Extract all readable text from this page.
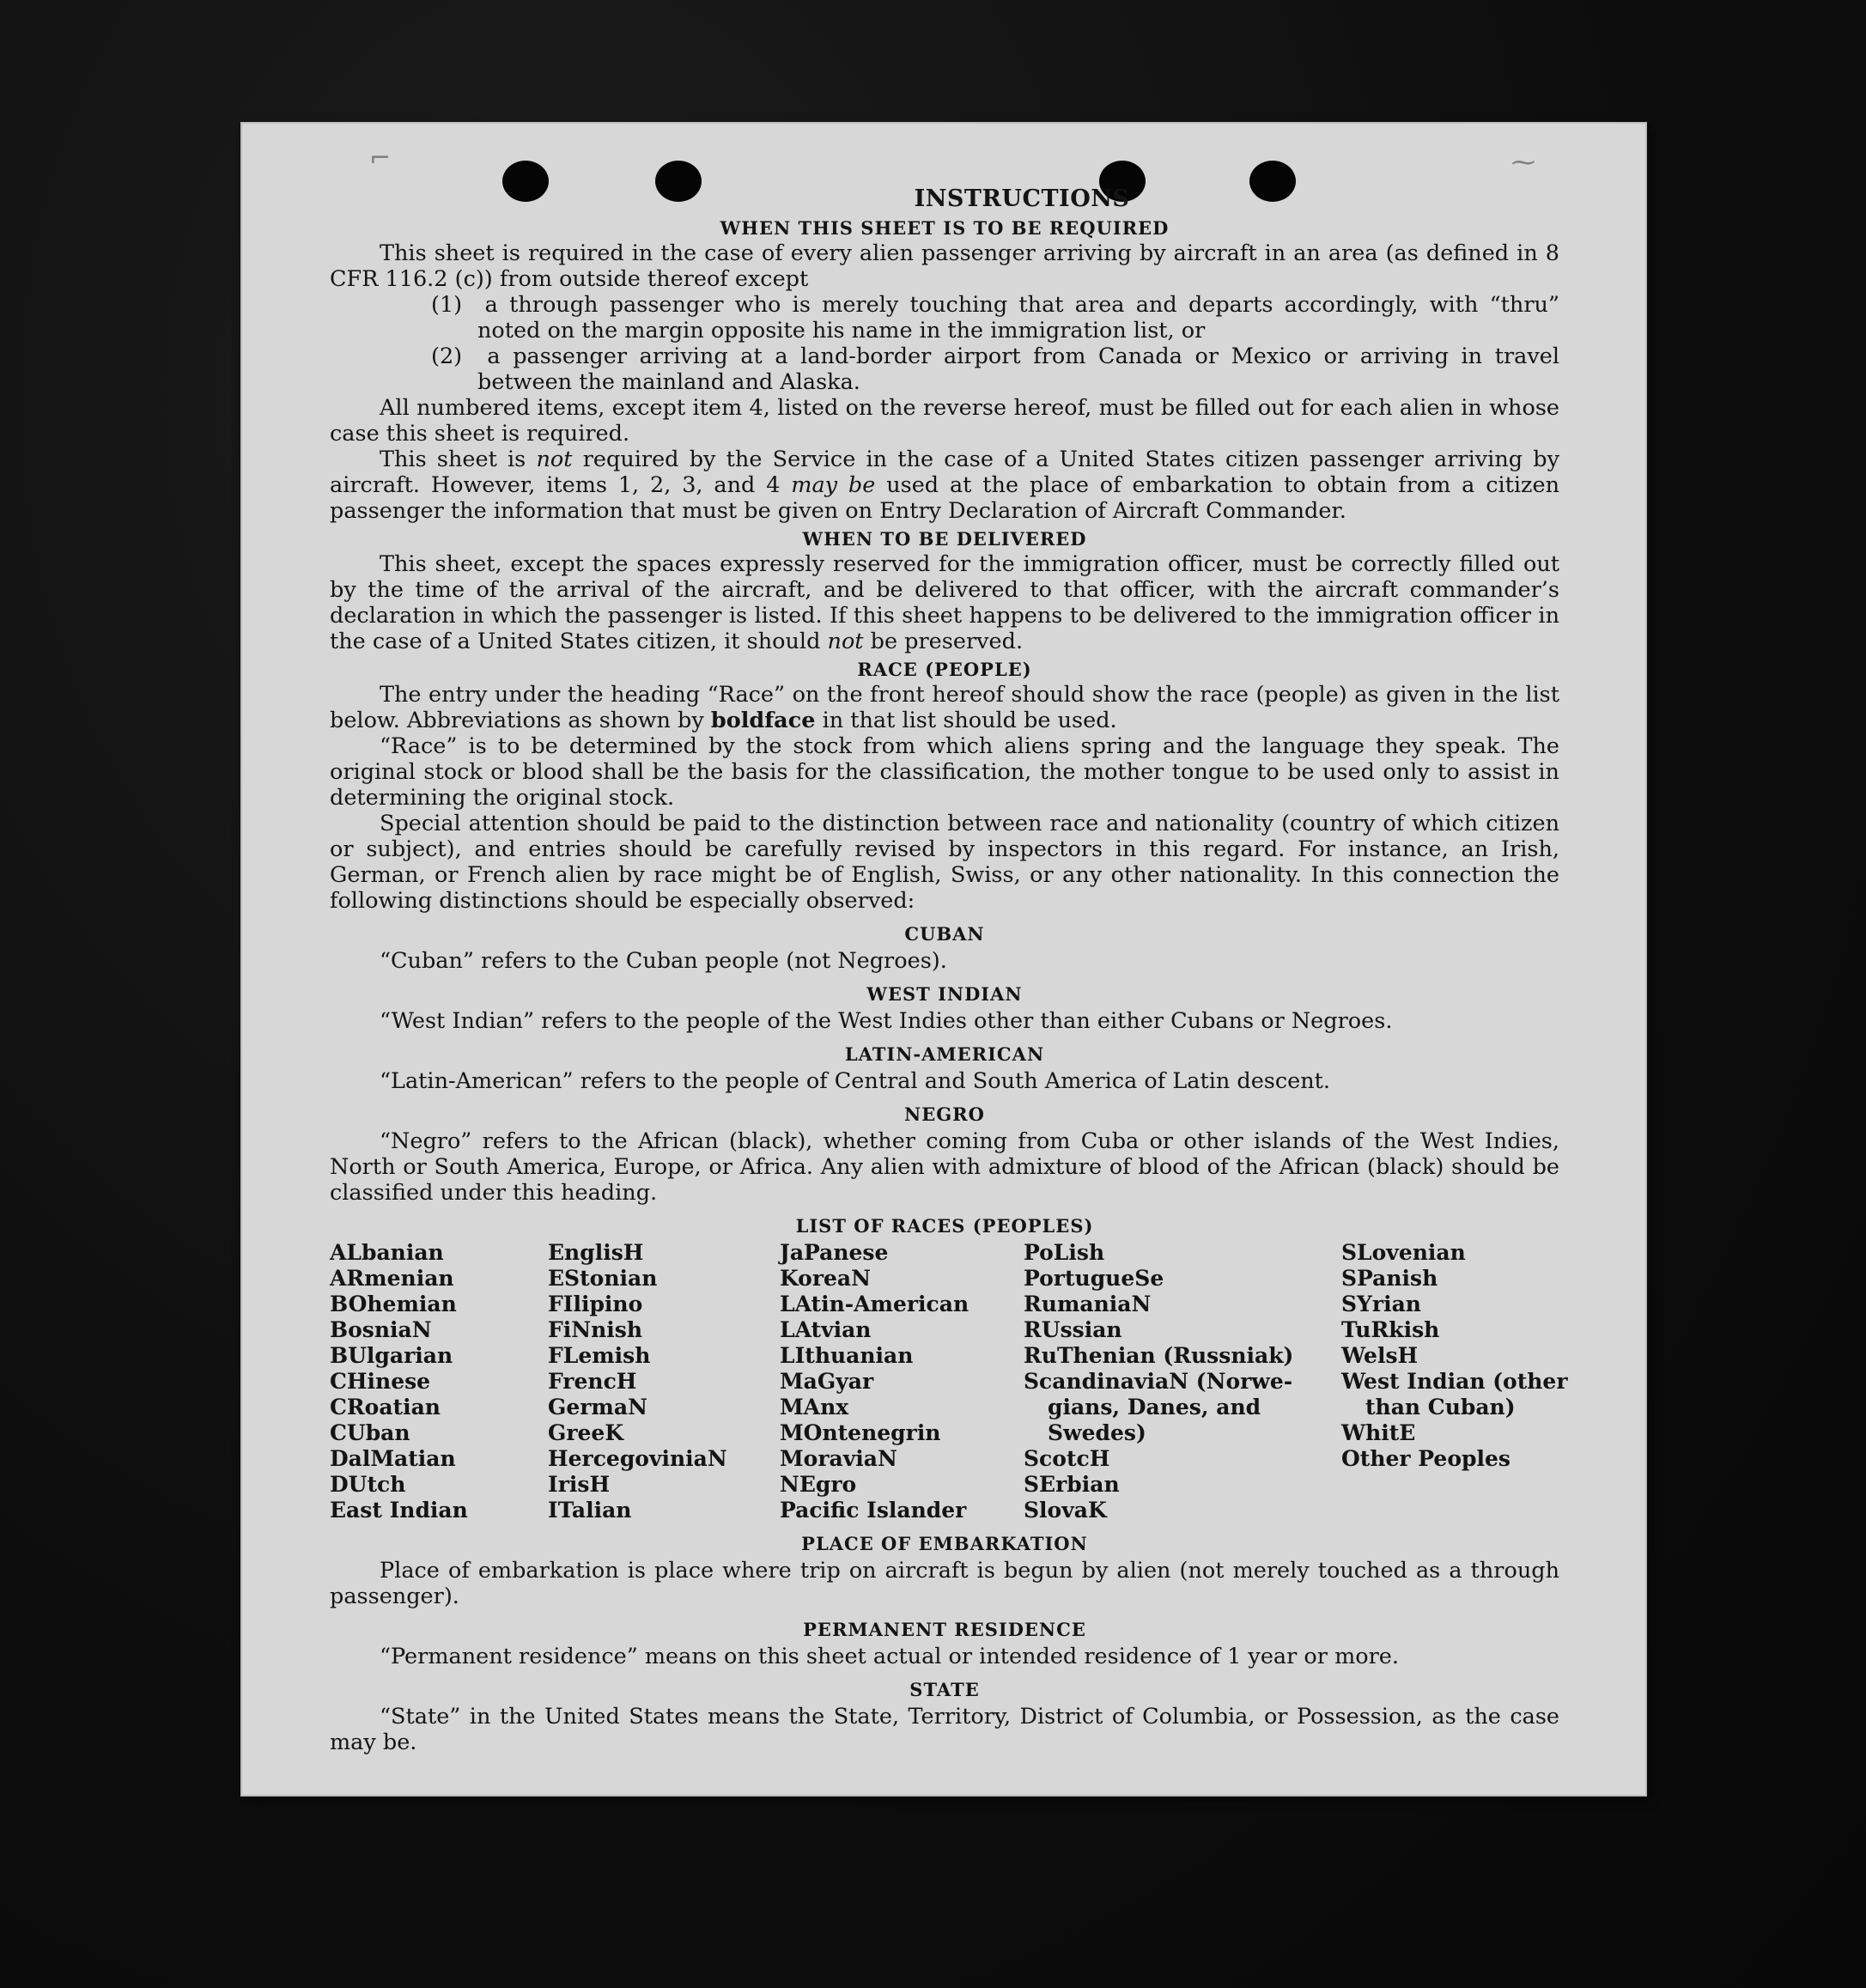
INSTRUCTIONS
WHEN THIS SHEET IS TO BE REQUIRED

This sheet is required in the case of every alien passenger arriving by aircraft in an area (as defined in 8 CFR 116.2 (c)) from outside thereof except

(1) a through passenger who is merely touching that area and departs accordingly, with “thru” noted on the margin opposite his name in the immigration list, or

(2) a passenger arriving at a land-border airport from Canada or Mexico or arriving in travel between the mainland and Alaska.

All numbered items, except item 4, listed on the reverse hereof, must be filled out for each alien in whose case this sheet is required.

This sheet is not required by the Service in the case of a United States citizen passenger arriving by aircraft. However, items 1, 2, 3, and 4 may be used at the place of embarkation to obtain from a citizen passenger the information that must be given on Entry Declaration of Aircraft Commander.

WHEN TO BE DELIVERED

This sheet, except the spaces expressly reserved for the immigration officer, must be correctly filled out by the time of the arrival of the aircraft, and be delivered to that officer, with the aircraft commander’s declaration in which the passenger is listed. If this sheet happens to be delivered to the immigration officer in the case of a United States citizen, it should not be preserved.

RACE (PEOPLE)

The entry under the heading “Race” on the front hereof should show the race (people) as given in the list below. Abbreviations as shown by boldface in that list should be used.

“Race” is to be determined by the stock from which aliens spring and the language they speak. The original stock or blood shall be the basis for the classification, the mother tongue to be used only to assist in determining the original stock.

Special attention should be paid to the distinction between race and nationality (country of which citizen or subject), and entries should be carefully revised by inspectors in this regard. For instance, an Irish, German, or French alien by race might be of English, Swiss, or any other nationality. In this connection the following distinctions should be especially observed:

CUBAN

“Cuban” refers to the Cuban people (not Negroes).

WEST INDIAN

“West Indian” refers to the people of the West Indies other than either Cubans or Negroes.

LATIN-AMERICAN

“Latin-American” refers to the people of Central and South America of Latin descent.

NEGRO

“Negro” refers to the African (black), whether coming from Cuba or other islands of the West Indies, North or South America, Europe, or Africa. Any alien with admixture of blood of the African (black) should be classified under this heading.

LIST OF RACES (PEOPLES)
ALbanian
ARmenian
BOhemian
BosniaN
BUlgarian
CHinese
CRoatian
CUban
DalMatian
DUtch
East Indian
EnglisH
EStonian
FIlipino
FiNnish
FLemish
FrencH
GermaN
GreeK
HercegoviniaN
IrisH
ITalian
JaPanese
KoreaN
LAtin-American
LAtvian
LIthuanian
MaGyar
MAnx
MOntenegrin
MoraviaN
NEgro
Pacific Islander
PoLish
PortugueSe
RumaniaN
RUssian
RuThenian (Russniak)
ScandinaviaN (Norwe-
gians, Danes, and
Swedes)
ScotcH
SErbian
SlovaK
SLovenian
SPanish
SYrian
TuRkish
WelsH
West Indian (other
than Cuban)
WhitE
Other Peoples
PLACE OF EMBARKATION

Place of embarkation is place where trip on aircraft is begun by alien (not merely touched as a through passenger).

PERMANENT RESIDENCE

“Permanent residence” means on this sheet actual or intended residence of 1 year or more.

STATE

“State” in the United States means the State, Territory, District of Columbia, or Possession, as the case may be.

⌐	⁓
